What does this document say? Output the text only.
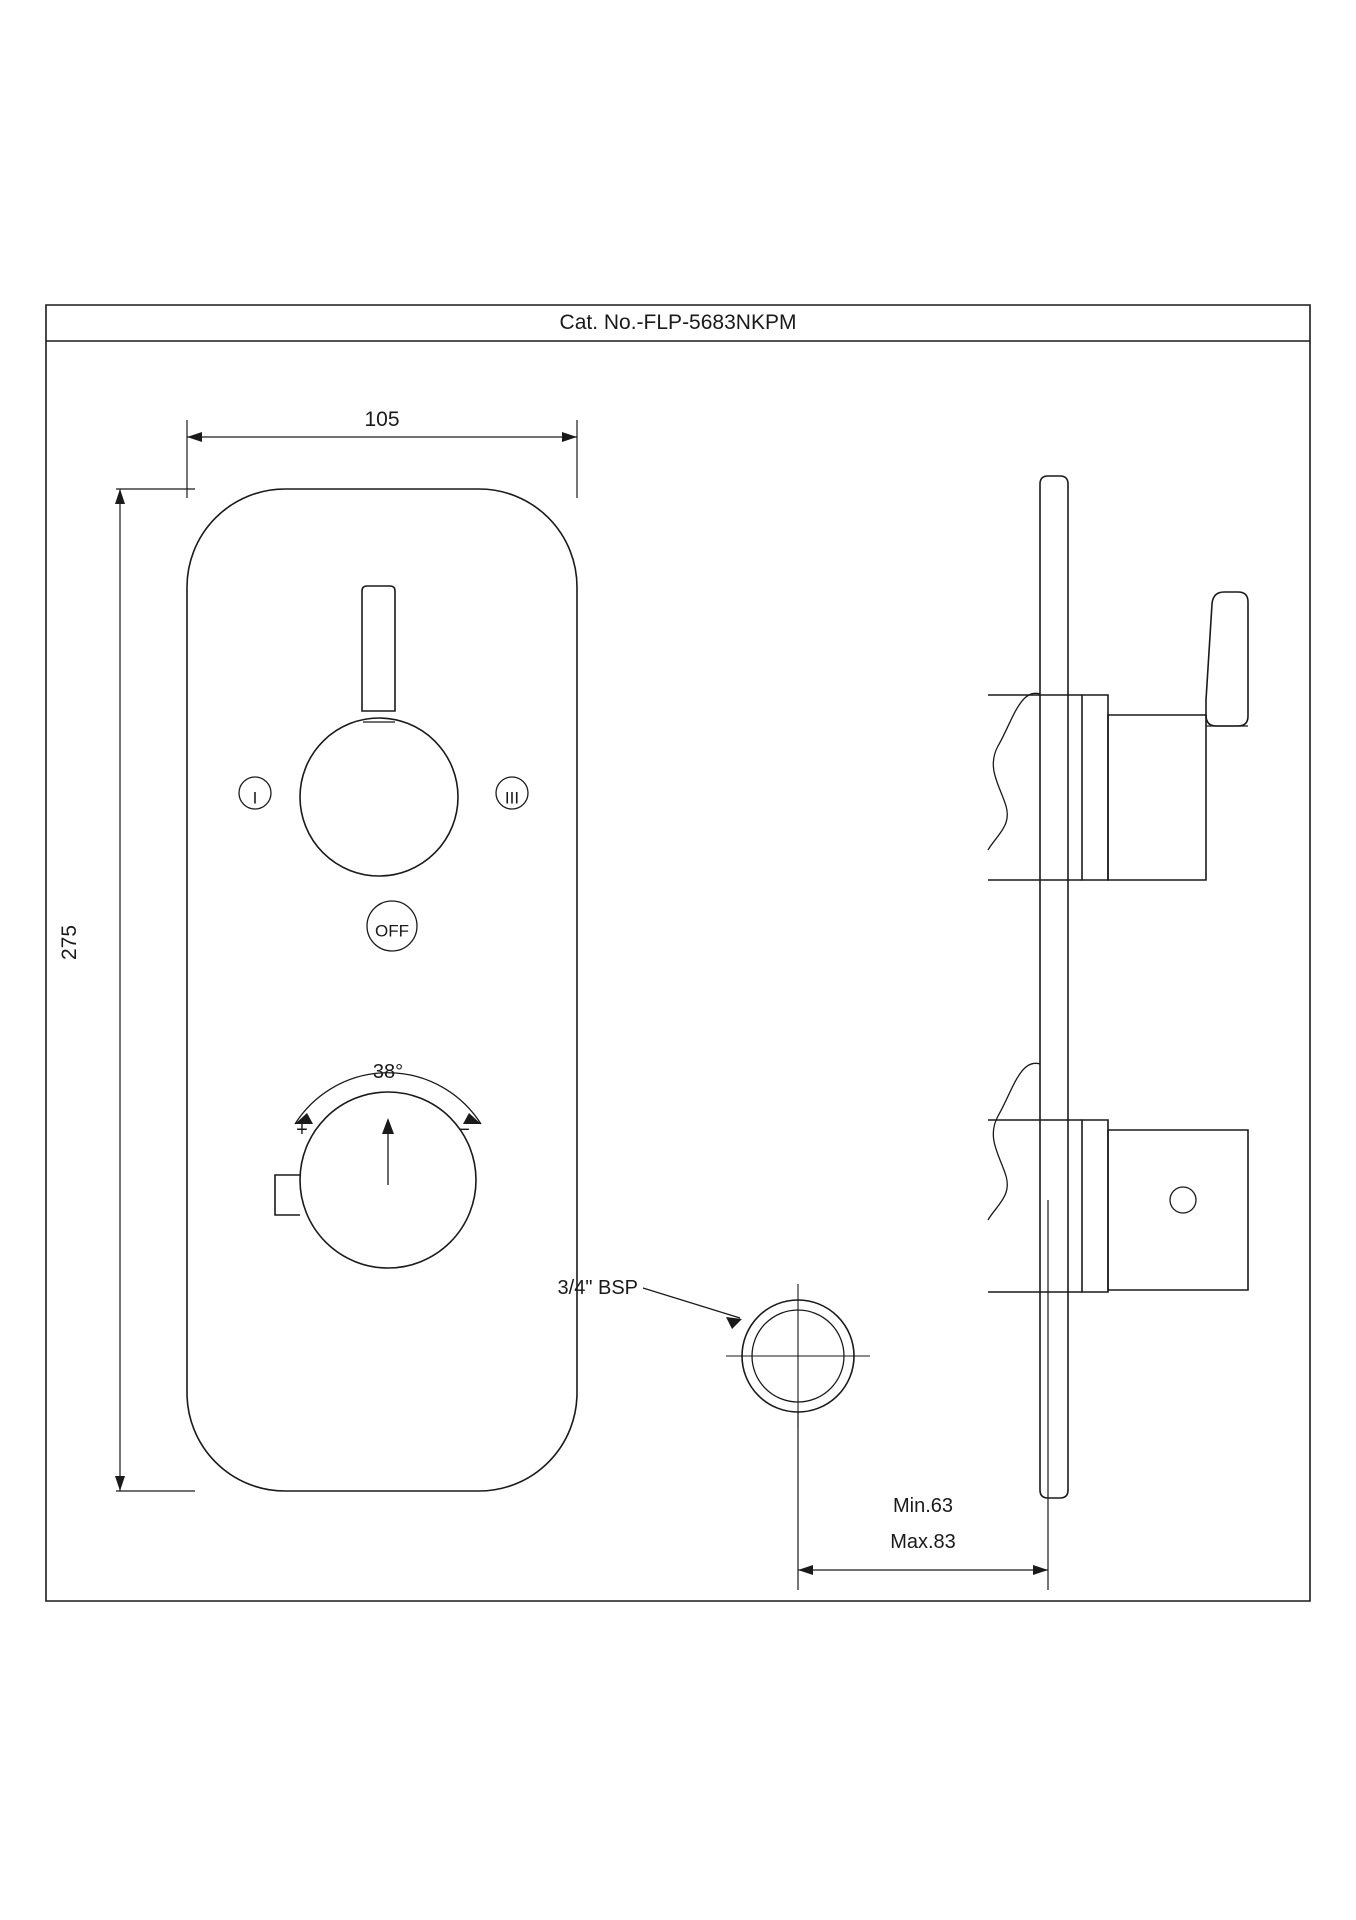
I	III
OFF
38°
+	−
3/4" BSP
Min.63
Max.83
Cat. No.-FLP-5683NKPM
105
275
